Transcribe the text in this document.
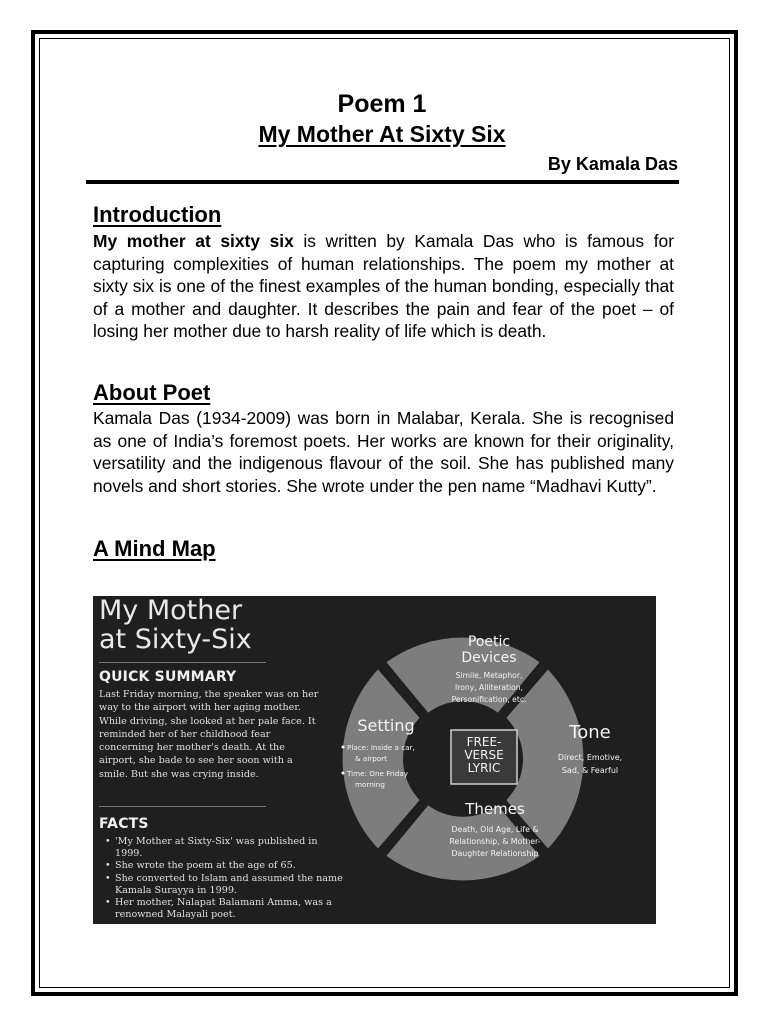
Poem 1
My Mother At Sixty Six
By Kamala Das
Introduction

My mother at sixty six is written by Kamala Das who is famous for capturing complexities of human relationships. The poem my mother at sixty six is one of the finest examples of the human bonding, especially that of a mother and daughter. It describes the pain and fear of the poet – of losing her mother due to harsh reality of life which is death.

About Poet

Kamala Das (1934-2009) was born in Malabar, Kerala. She is recognised as one of India’s foremost poets. Her works are known for their originality, versatility and the indigenous flavour of the soil. She has published many novels and short stories. She wrote under the pen name “Madhavi Kutty”.

A Mind Map
My Mother
at Sixty-Six
QUICK SUMMARY
Last Friday morning, the speaker was on her way to the airport with her aging mother. While driving, she looked at her pale face. It reminded her of her childhood fear concerning her mother's death. At the airport, she bade to see her soon with a smile. But she was crying inside.
FACTS
• 'My Mother at Sixty-Six' was published in 1999.
• She wrote the poem at the age of 65.
• She converted to Islam and assumed the name Kamala Surayya in 1999.
• Her mother, Nalapat Balamani Amma, was a renowned Malayali poet.
FREE-
VERSE
LYRIC
Poetic
Devices
Simile, Metaphor,
Irony, Alliteration,
Personification, etc.
Setting	Tone
Direct, Emotive,
Sad, & Fearful
Themes
Death, Old Age, Life &
Relationship, & Mother-
Daughter Relationship
Place: Inside a car,
& airport
Time: One Friday
morning
